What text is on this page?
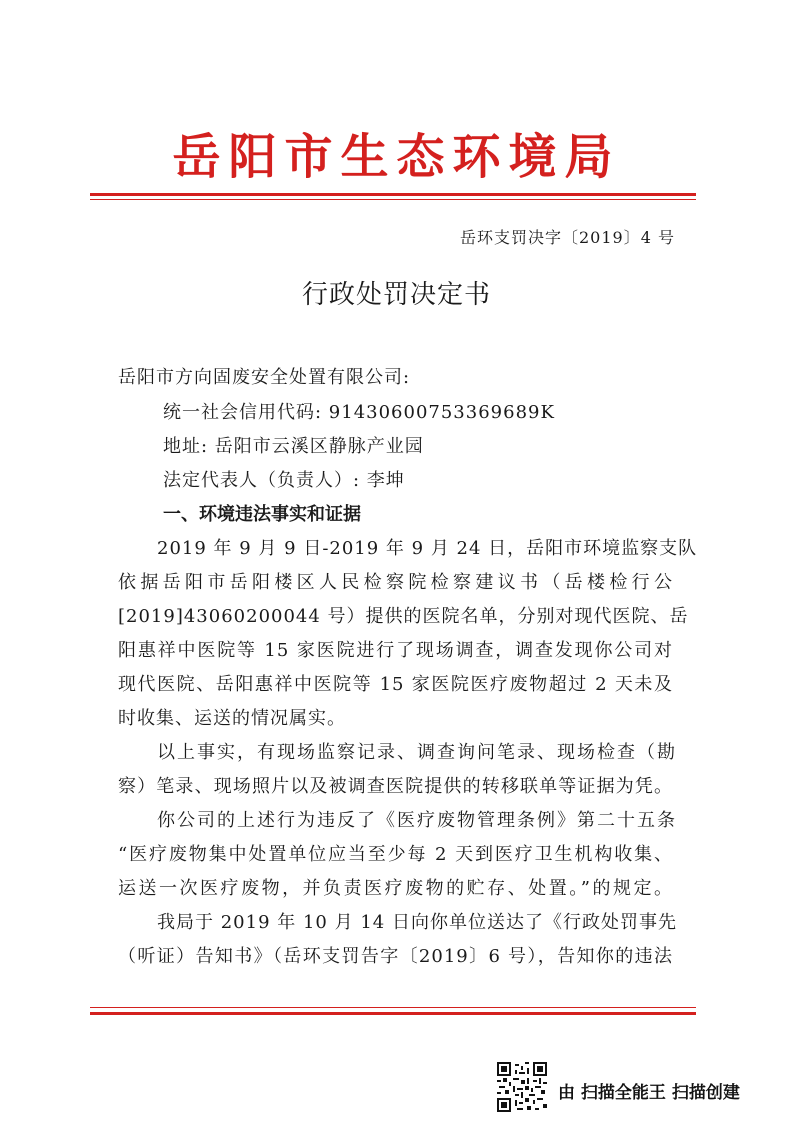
岳阳市生态环境局
岳环支罚决字〔2019〕4 号
行政处罚决定书
岳阳市方向固废安全处置有限公司:
统一社会信用代码: 91430600753369689K
地址: 岳阳市云溪区静脉产业园
法定代表人（负责人）: 李坤
一、环境违法事实和证据
2019 年 9 月 9 日-2019 年 9 月 24 日，岳阳市环境监察支队
依据岳阳市岳阳楼区人民检察院检察建议书（岳楼检行公
[2019]43060200044 号）提供的医院名单，分别对现代医院、岳
阳惠祥中医院等 15 家医院进行了现场调查，调查发现你公司对
现代医院、岳阳惠祥中医院等 15 家医院医疗废物超过 2 天未及
时收集、运送的情况属实。
以上事实，有现场监察记录、调查询问笔录、现场检查（勘
察）笔录、现场照片以及被调查医院提供的转移联单等证据为凭。
你公司的上述行为违反了《医疗废物管理条例》第二十五条
“医疗废物集中处置单位应当至少每 2 天到医疗卫生机构收集、
运送一次医疗废物，并负责医疗废物的贮存、处置。”的规定。
我局于 2019 年 10 月 14 日向你单位送达了《行政处罚事先
（听证）告知书》（岳环支罚告字〔2019〕6 号），告知你的违法
由 扫描全能王 扫描创建
